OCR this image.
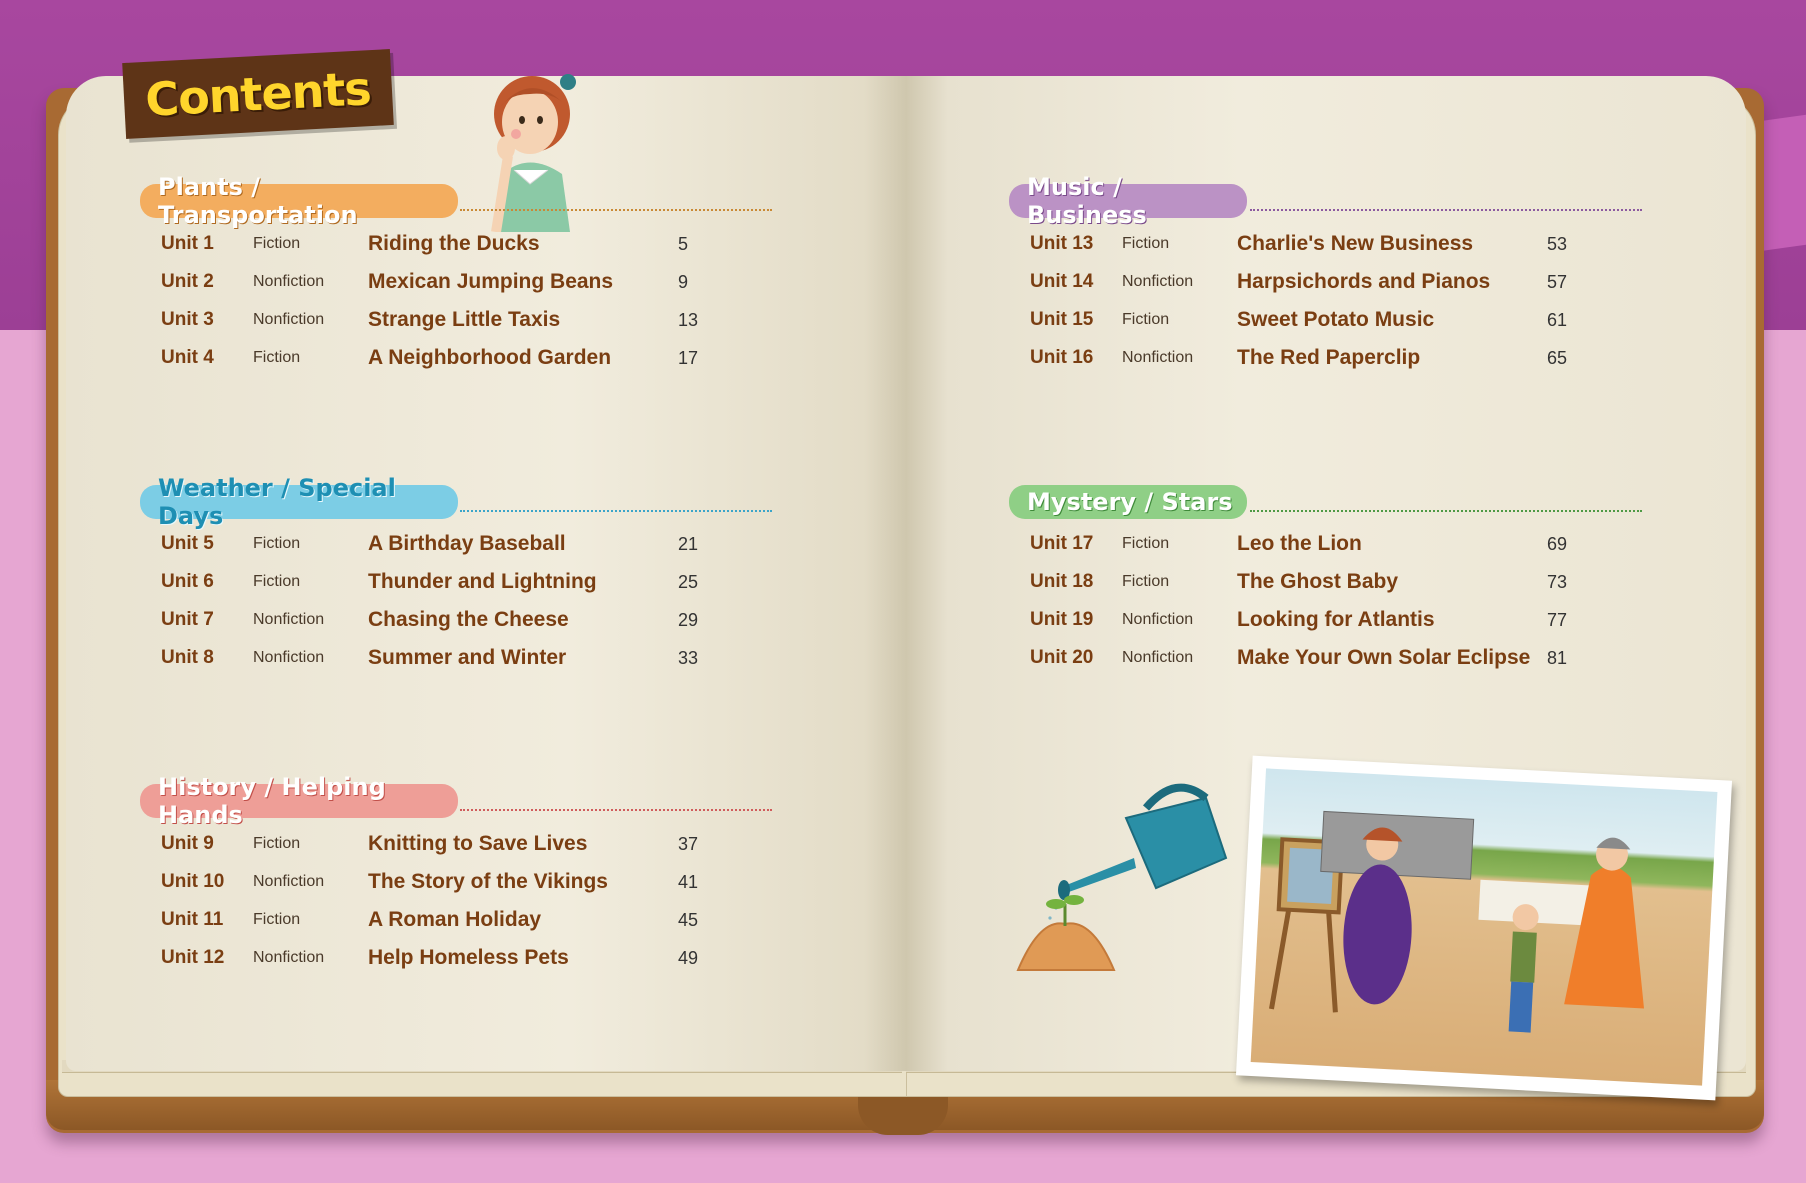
Contents
Plants / Transportation
Unit 1 Fiction	Riding the Ducks	5
Unit 2 Nonfiction Mexican Jumping Beans	9
Unit 3 Nonfiction Strange Little Taxis	13
Unit 4 Fiction	A Neighborhood Garden	17
Weather / Special Days
Unit 5 Fiction	A Birthday Baseball	21
Unit 6 Fiction	Thunder and Lightning	25
Unit 7 Nonfiction Chasing the Cheese	29
Unit 8 Nonfiction Summer and Winter	33
History / Helping Hands
Unit 9 Fiction	Knitting to Save Lives	37
Unit 10 Nonfiction The Story of the Vikings	41
Unit 11 Fiction	A Roman Holiday	45
Unit 12 Nonfiction Help Homeless Pets	49
Music / Business
Unit 13 Fiction	Charlie's New Business	53
Unit 14 Nonfiction Harpsichords and Pianos	57
Unit 15 Fiction	Sweet Potato Music	61
Unit 16 Nonfiction The Red Paperclip	65
Mystery / Stars
Unit 17 Fiction	Leo the Lion	69
Unit 18 Fiction	The Ghost Baby	73
Unit 19 Nonfiction Looking for Atlantis	77
Unit 20 Nonfiction Make Your Own Solar Eclipse 81
